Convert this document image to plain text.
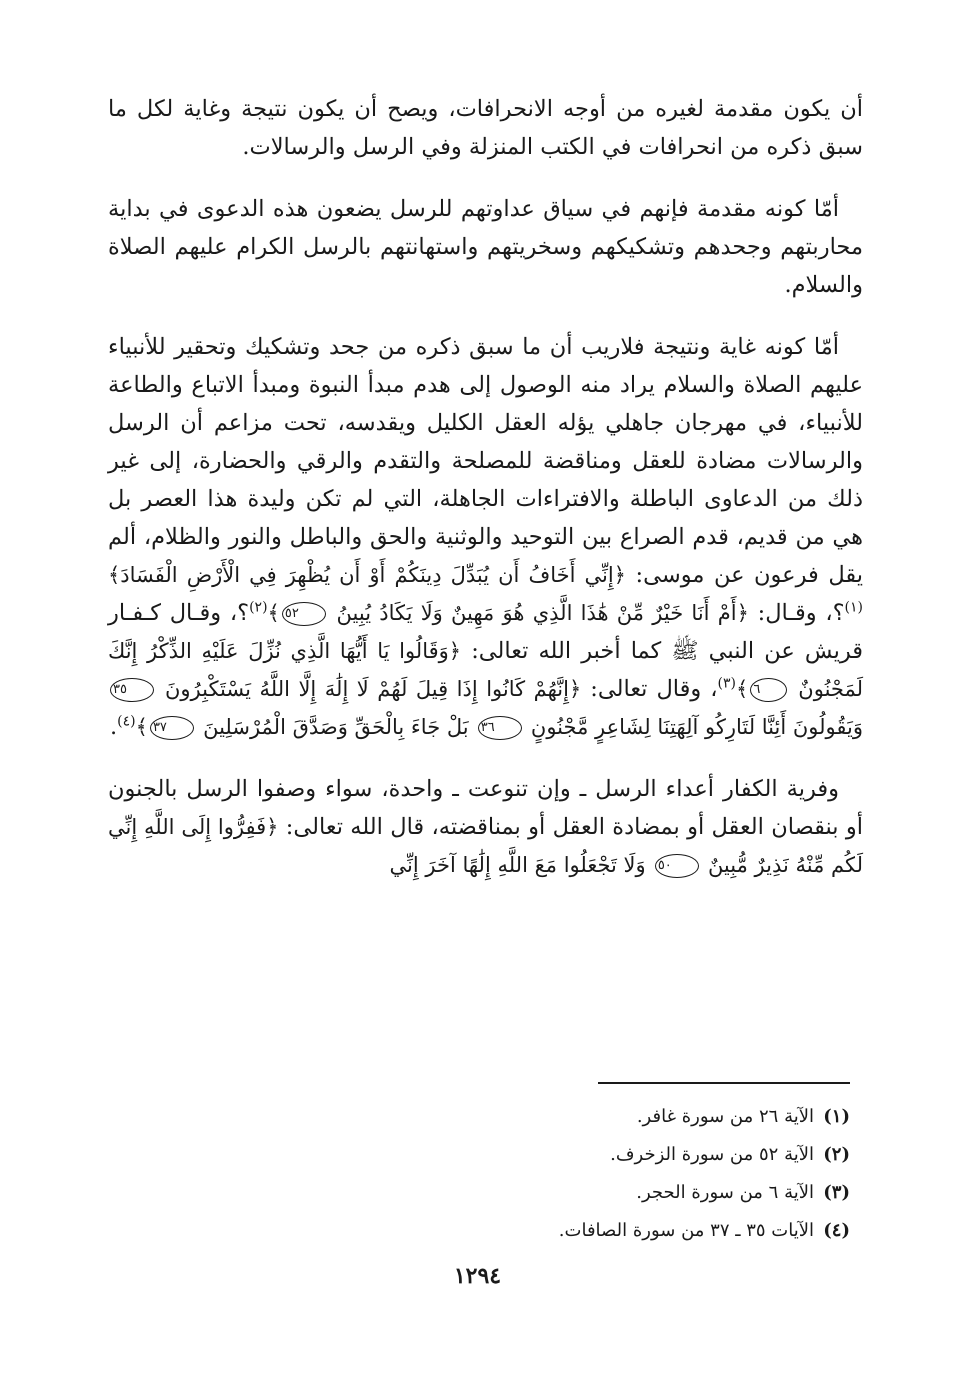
أن يكون مقدمة لغيره من أوجه الانحرافات، ويصح أن يكون نتيجة وغاية لكل ما سبق ذكره من انحرافات في الكتب المنزلة وفي الرسل والرسالات.

أمّا كونه مقدمة فإنهم في سياق عداوتهم للرسل يضعون هذه الدعوى في بداية محاربتهم وجحدهم وتشكيكهم وسخريتهم واستهانتهم بالرسل الكرام عليهم الصلاة والسلام.

أمّا كونه غاية ونتيجة فلاريب أن ما سبق ذكره من جحد وتشكيك وتحقير للأنبياء عليهم الصلاة والسلام يراد منه الوصول إلى هدم مبدأ النبوة ومبدأ الاتباع والطاعة للأنبياء، في مهرجان جاهلي يؤله العقل الكليل ويقدسه، تحت مزاعم أن الرسل والرسالات مضادة للعقل ومناقضة للمصلحة والتقدم والرقي والحضارة، إلى غير ذلك من الدعاوى الباطلة والافتراءات الجاهلة، التي لم تكن وليدة هذا العصر بل هي من قديم، قدم الصراع بين التوحيد والوثنية والحق والباطل والنور والظلام، ألم يقل فرعون عن موسى: ﴿إِنِّي أَخَافُ أَن يُبَدِّلَ دِينَكُمْ أَوْ أَن يُظْهِرَ فِي الْأَرْضِ الْفَسَادَ﴾$^{(١)}$؟، وقـال: ﴿أَمْ أَنَا خَيْرٌ مِّنْ هَٰذَا الَّذِي هُوَ مَهِينٌ وَلَا يَكَادُ يُبِينُ ٥٢﴾$^{(٢)}$؟، وقـال كـفـار قريش عن النبي ﷺ كما أخبر الله تعالى: ﴿وَقَالُوا يَا أَيُّهَا الَّذِي نُزِّلَ عَلَيْهِ الذِّكْرُ إِنَّكَ لَمَجْنُونٌ ٦﴾$^{(٣)}$، وقال تعالى: ﴿إِنَّهُمْ كَانُوا إِذَا قِيلَ لَهُمْ لَا إِلَٰهَ إِلَّا اللَّهُ يَسْتَكْبِرُونَ ٣٥ وَيَقُولُونَ أَئِنَّا لَتَارِكُو آلِهَتِنَا لِشَاعِرٍ مَّجْنُونٍ ٣٦ بَلْ جَاءَ بِالْحَقِّ وَصَدَّقَ الْمُرْسَلِينَ ٣٧﴾$^{(٤)}$.

وفرية الكفار أعداء الرسل ـ وإن تنوعت ـ واحدة، سواء وصفوا الرسل بالجنون أو بنقصان العقل أو بمضادة العقل أو بمناقضته، قال الله تعالى: ﴿فَفِرُّوا إِلَى اللَّهِ إِنِّي لَكُم مِّنْهُ نَذِيرٌ مُّبِينٌ ٥٠ وَلَا تَجْعَلُوا مَعَ اللَّهِ إِلَٰهًا آخَرَ إِنِّي

(١)الآية ٢٦ من سورة غافر.
(٢)الآية ٥٢ من سورة الزخرف.
(٣)الآية ٦ من سورة الحجر.
(٤)الآيات ٣٥ ـ ٣٧ من سورة الصافات.
١٢٩٤
